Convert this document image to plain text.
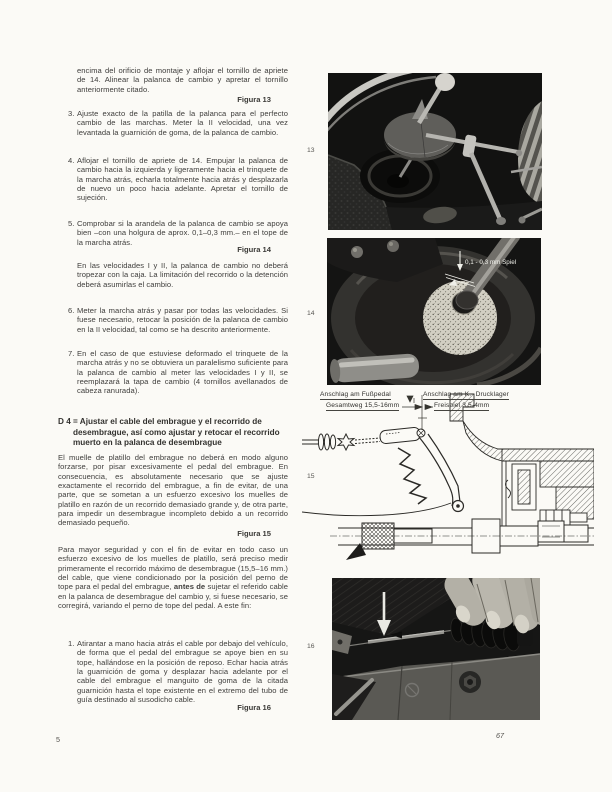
encima del orificio de montaje y aflojar el tornillo de apriete de 14. Alinear la palanca de cambio y apretar el tornillo anteriormente citado.
Figura 13
3. Ajuste exacto de la patilla de la palanca para el perfecto cambio de las marchas. Meter la II velocidad, una vez levantada la guarnición de goma, de la palanca de cambio.
4. Aflojar el tornillo de apriete de 14. Empujar la palanca de cambio hacia la izquierda y ligeramente hacia el trinquete de la marcha atrás, echarla totalmente hacia atrás y desplazarla de nuevo un poco hacia adelante. Apretar el tornillo de sujeción.
5. Comprobar si la arandela de la palanca de cambio se apoya bien –con una holgura de aprox. 0,1–0,3 mm.– en el tope de la marcha atrás.
Figura 14
En las velocidades I y II, la palanca de cambio no deberá tropezar con la caja. La limitación del recorrido o la detención deberá asumirlas el cambio.
6. Meter la marcha atrás y pasar por todas las velocidades. Si fuese necesario, retocar la posición de la palanca de cambio en la II velocidad, tal como se ha descrito anteriormente.
7. En el caso de que estuviese deformado el trinquete de la marcha atrás y no se obtuviera un paralelismo suficiente para la palanca de cambio al meter las velocidades I y II, se reemplazará la tapa de cambio (4 tornillos avellanados de cabeza ranurada).
D 4 = Ajustar el cable del embrague y el recorrido de desembrague, así como ajustar y retocar el recorrido muerto en la palanca de desembrague
El muelle de platillo del embrague no deberá en modo alguno forzarse, por pisar excesivamente el pedal del embrague. En consecuencia, es absolutamente necesario que se ajuste exactamente el recorrido del embrague, a fin de evitar, de una parte, que se sometan a un esfuerzo excesivo los muelles de platillo en razón de un recorrido demasiado grande y, de otra parte, para impedir un desembrague incompleto debido a un recorrido demasiado pequeño.
Figura 15
Para mayor seguridad y con el fin de evitar en todo caso un esfuerzo excesivo de los muelles de platillo, será preciso medir primeramente el recorrido máximo de desembrague (15,5–16 mm.) del cable, que viene condicionado por la posición del perno de tope para el pedal del embrague, antes de sujetar el referido cable en la palanca de desembrague del cambio y, si fuese necesario, se corregirá, variando el perno de tope del pedal. A este fin:
1. Atirantar a mano hacia atrás el cable por debajo del vehículo, de forma que el pedal del embrague se apoye bien en su tope, hallándose en la posición de reposo. Echar hacia atrás la guarnición de goma y desplazar hacia adelante por el cable del embrague el manguito de goma de la citada guarnición hasta el tope existente en el extremo del tubo de guía destinado al susodicho cable.
Figura 16
5	67
13
14
15
16
0,1 - 0,3 mm Spiel
Anschlag am Fußpedal	Anschlag am K.- Drucklager
Gesamtweg 15,5-16mm	Freispiel 3,5-4mm
